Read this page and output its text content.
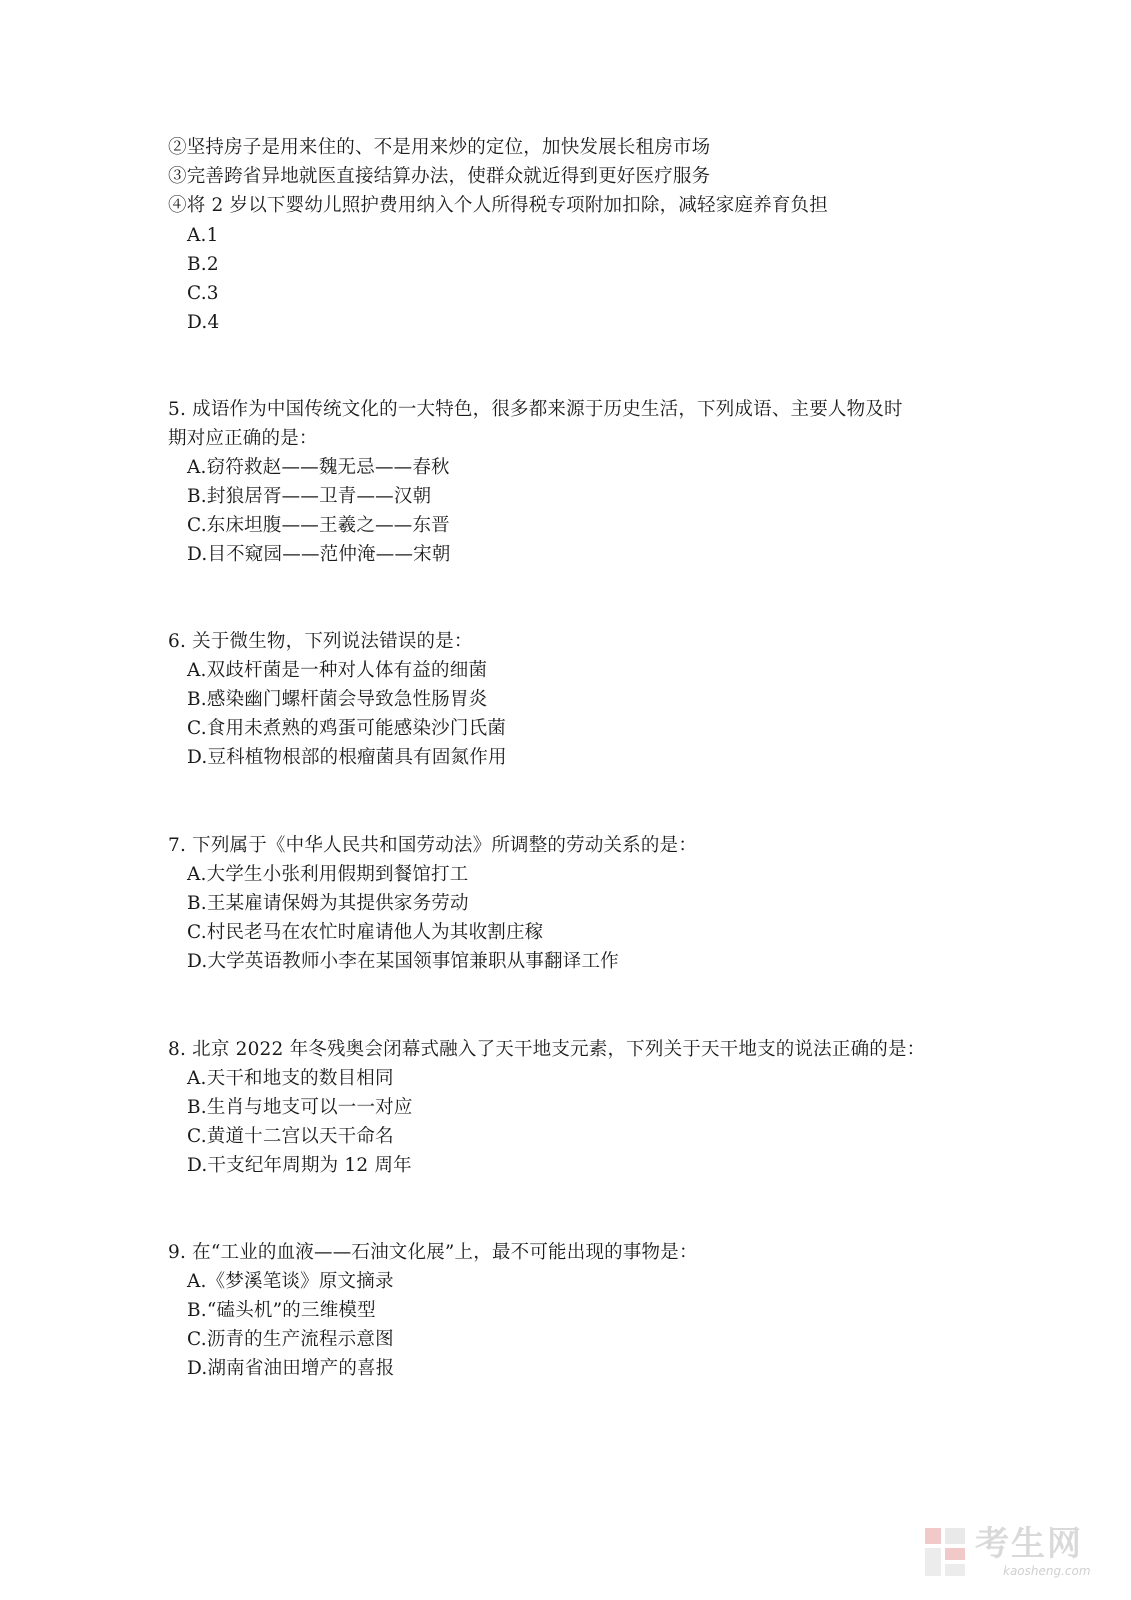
②坚持房子是用来住的、不是用来炒的定位，加快发展长租房市场
③完善跨省异地就医直接结算办法，使群众就近得到更好医疗服务
④将 2 岁以下婴幼儿照护费用纳入个人所得税专项附加扣除，减轻家庭养育负担
A.1
B.2
C.3
D.4
5. 成语作为中国传统文化的一大特色，很多都来源于历史生活，下列成语、主要人物及时
期对应正确的是：
A.窃符救赵——魏无忌——春秋
B.封狼居胥——卫青——汉朝
C.东床坦腹——王羲之——东晋
D.目不窥园——范仲淹——宋朝
6. 关于微生物，下列说法错误的是：
A.双歧杆菌是一种对人体有益的细菌
B.感染幽门螺杆菌会导致急性肠胃炎
C.食用未煮熟的鸡蛋可能感染沙门氏菌
D.豆科植物根部的根瘤菌具有固氮作用
7. 下列属于《中华人民共和国劳动法》所调整的劳动关系的是：
A.大学生小张利用假期到餐馆打工
B.王某雇请保姆为其提供家务劳动
C.村民老马在农忙时雇请他人为其收割庄稼
D.大学英语教师小李在某国领事馆兼职从事翻译工作
8. 北京 2022 年冬残奥会闭幕式融入了天干地支元素，下列关于天干地支的说法正确的是：
A.天干和地支的数目相同
B.生肖与地支可以一一对应
C.黄道十二宫以天干命名
D.干支纪年周期为 12 周年
9. 在“工业的血液——石油文化展”上，最不可能出现的事物是：
A.《梦溪笔谈》原文摘录
B.“磕头机”的三维模型
C.沥青的生产流程示意图
D.湖南省油田增产的喜报
考生网
kaosheng.com
